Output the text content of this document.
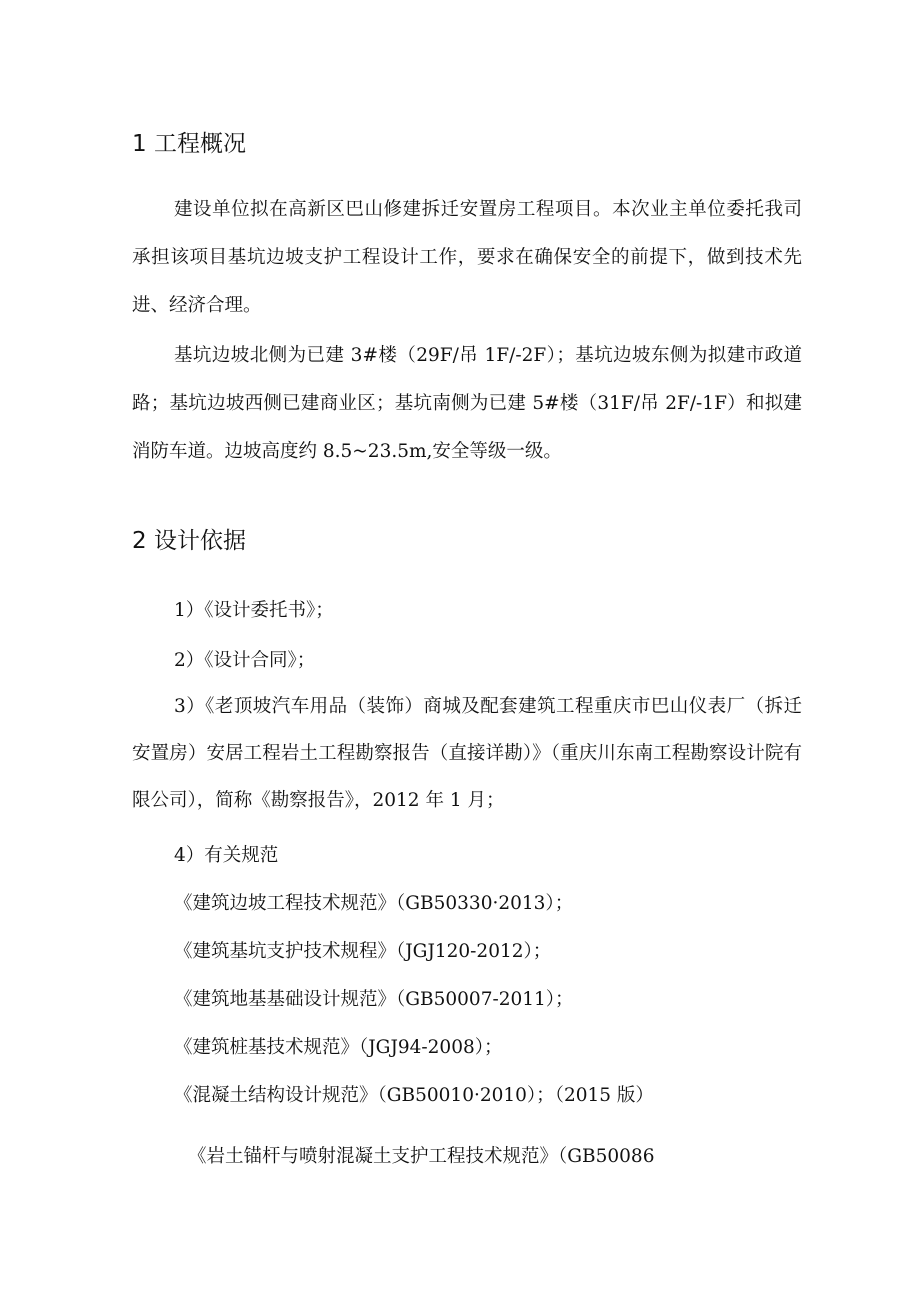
1 工程概况

建设单位拟在高新区巴山修建拆迁安置房工程项目。本次业主单位委托我司承担该项目基坑边坡支护工程设计工作，要求在确保安全的前提下，做到技术先进、经济合理。

基坑边坡北侧为已建 3#楼（29F/吊 1F/-2F）；基坑边坡东侧为拟建市政道路；基坑边坡西侧已建商业区；基坑南侧为已建 5#楼（31F/吊 2F/-1F）和拟建消防车道。边坡高度约 8.5~23.5m,安全等级一级。

2 设计依据

1）《设计委托书》；

2）《设计合同》；

3）《老顶坡汽车用品（装饰）商城及配套建筑工程重庆市巴山仪表厂（拆迁安置房）安居工程岩土工程勘察报告（直接详勘）》（重庆川东南工程勘察设计院有限公司），简称《勘察报告》，2012 年 1 月；

4）有关规范

《建筑边坡工程技术规范》（GB50330·2013）；

《建筑基坑支护技术规程》（JGJ120-2012）；

《建筑地基基础设计规范》（GB50007-2011）；

《建筑桩基技术规范》（JGJ94-2008）；

《混凝土结构设计规范》（GB50010·2010）；（2015 版）

《岩土锚杆与喷射混凝土支护工程技术规范》（GB50086
